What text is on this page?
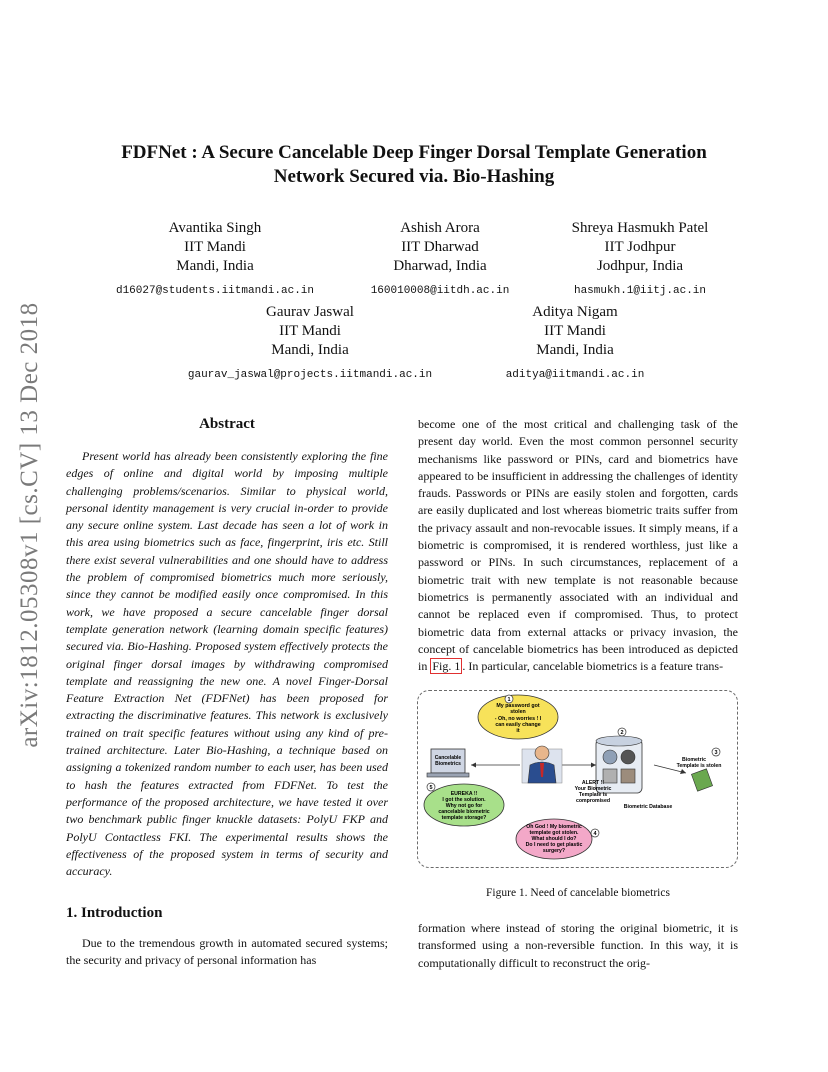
arXiv:1812.05308v1 [cs.CV] 13 Dec 2018
FDFNet : A Secure Cancelable Deep Finger Dorsal Template Generation
Network Secured via. Bio-Hashing
Avantika Singh
IIT Mandi
Mandi, India
d16027@students.iitmandi.ac.in
Ashish Arora
IIT Dharwad
Dharwad, India
160010008@iitdh.ac.in
Shreya Hasmukh Patel
IIT Jodhpur
Jodhpur, India
hasmukh.1@iitj.ac.in
Gaurav Jaswal
IIT Mandi
Mandi, India
gaurav_jaswal@projects.iitmandi.ac.in
Aditya Nigam
IIT Mandi
Mandi, India
aditya@iitmandi.ac.in
Abstract
Present world has already been consistently exploring the fine edges of online and digital world by imposing multiple challenging problems/scenarios. Similar to physical world, personal identity management is very crucial in-order to provide any secure online system. Last decade has seen a lot of work in this area using biometrics such as face, fingerprint, iris etc. Still there exist several vulnerabilities and one should have to address the problem of compromised biometrics much more seriously, since they cannot be modified easily once compromised. In this work, we have proposed a secure cancelable finger dorsal template generation network (learning domain specific features) secured via. Bio-Hashing. Proposed system effectively protects the original finger dorsal images by withdrawing compromised template and reassigning the new one. A novel Finger-Dorsal Feature Extraction Net (FDFNet) has been proposed for extracting the discriminative features. This network is exclusively trained on trait specific features without using any kind of pre-trained architecture. Later Bio-Hashing, a technique based on assigning a tokenized random number to each user, has been used to hash the features extracted from FDFNet. To test the performance of the proposed architecture, we have tested it over two benchmark public finger knuckle datasets: PolyU FKP and PolyU Contactless FKI. The experimental results shows the effectiveness of the proposed system in terms of security and accuracy.
1. Introduction
Due to the tremendous growth in automated secured systems; the security and privacy of personal information has
become one of the most critical and challenging task of the present day world. Even the most common personnel security mechanisms like password or PINs, card and biometrics have appeared to be insufficient in addressing the challenges of identity frauds. Passwords or PINs are easily stolen and forgotten, cards are easily duplicated and lost whereas biometric traits suffer from the privacy assault and non-revocable issues. It simply means, if a biometric is compromised, it is rendered worthless, just like a password or PINs. In such circumstances, replacement of a biometric trait with new template is not reasonable because biometrics is permanently associated with an individual and cannot be replaced even if compromised. Thus, to protect biometric data from external attacks or privacy invasion, the concept of cancelable biometrics has been introduced as depicted in Fig. 1 . In particular, cancelable biometrics is a feature trans-
My password got
stolen
- Oh, no worries ! I
can easily change
it
1
2
Cancelable
Biometrics
Biometric Database
3
Biometric
Template is stolen
ALERT !!
Your Biometric
Template is
compromised
EUREKA !!
I got the solution.
Why not go for
cancelable biometric
template storage?
5
Oh God ! My biometric
template got stolen.
What should I do?
Do I need to get plastic
surgery?
4
Figure 1. Need of cancelable biometrics
formation where instead of storing the original biometric, it is transformed using a non-reversible function. In this way, it is computationally difficult to reconstruct the orig-
